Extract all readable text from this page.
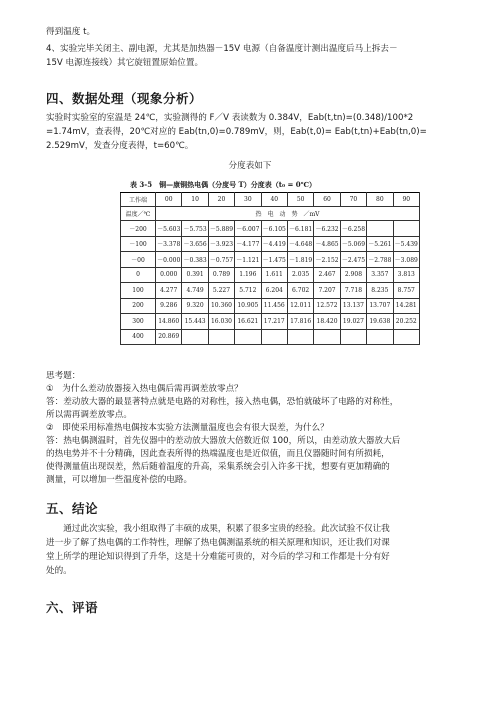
得到温度 t。
4、实验完毕关闭主、副电源，尤其是加热器－15V 电源（自备温度计测出温度后马上拆去－
15V 电源连接线）其它旋钮置原始位置。
四、数据处理（现象分析）
实验时实验室的室温是 24℃，实验测得的 F／V 表读数为 0.384V，Eab(t,tn)=(0.348)/100*2
=1.74mV，查表得，20℃对应的 Eab(tn,0)=0.789mV，则，Eab(t,0)= Eab(t,tn)+Eab(tn,0)=
2.529mV，发查分度表得，t=60℃。
分度表如下
表 3-5　铜—康铜热电偶（分度号 T）分度表（t₀ = 0℃）
工作端	00	10	20	30	40	50	60	70	80	90
温度／℃	热　电　动　势　／mV									
－200	－5.603	－5.753	－5.889	－6.007	－6.105	－6.181	－6.232	－6.258		
－100	－3.378	－3.656	－3.923	－4.177	－4.419	－4.648	－4.865	－5.069	－5.261	－5.439
－00	－0.000	－0.383	－0.757	－1.121	－1.475	－1.819	－2.152	－2.475	－2.788	－3.089
0	0.000	0.391	0.789	1.196	1.611	2.035	2.467	2.908	3.357	3.813
100	4.277	4.749	5.227	5.712	6.204	6.702	7.207	7.718	8.235	8.757
200	9.286	9.320	10.360	10.905	11.456	12.011	12.572	13.137	13.707	14.281
300	14.860	15.443	16.030	16.621	17.217	17.816	18.420	19.027	19.638	20.252
400	20.869									
思考题：
①　为什么差动放器接入热电偶后需再调差放零点？
答：差动放大器的最显著特点就是电路的对称性，接入热电偶，恐怕就破坏了电路的对称性，
所以需再调差放零点。
②　即使采用标准热电偶按本实验方法测量温度也会有很大误差，为什么？
答：热电偶测温时，首先仪器中的差动放大器放大倍数近似 100，所以，由差动放大器放大后
的热电势并不十分精确，因此查表所得的热端温度也是近似值，而且仪器随时间有所损耗，
使得测量值出现误差，然后随着温度的升高，采集系统会引入许多干扰，想要有更加精确的
测量，可以增加一些温度补偿的电路。
五、结论
　　通过此次实验，我小组取得了丰硕的成果，积累了很多宝贵的经验。此次试验不仅让我
进一步了解了热电偶的工作特性，理解了热电偶测温系统的相关原理和知识，还让我们对课
堂上所学的理论知识得到了升华，这是十分难能可贵的，对今后的学习和工作都是十分有好
处的。
六、评语
